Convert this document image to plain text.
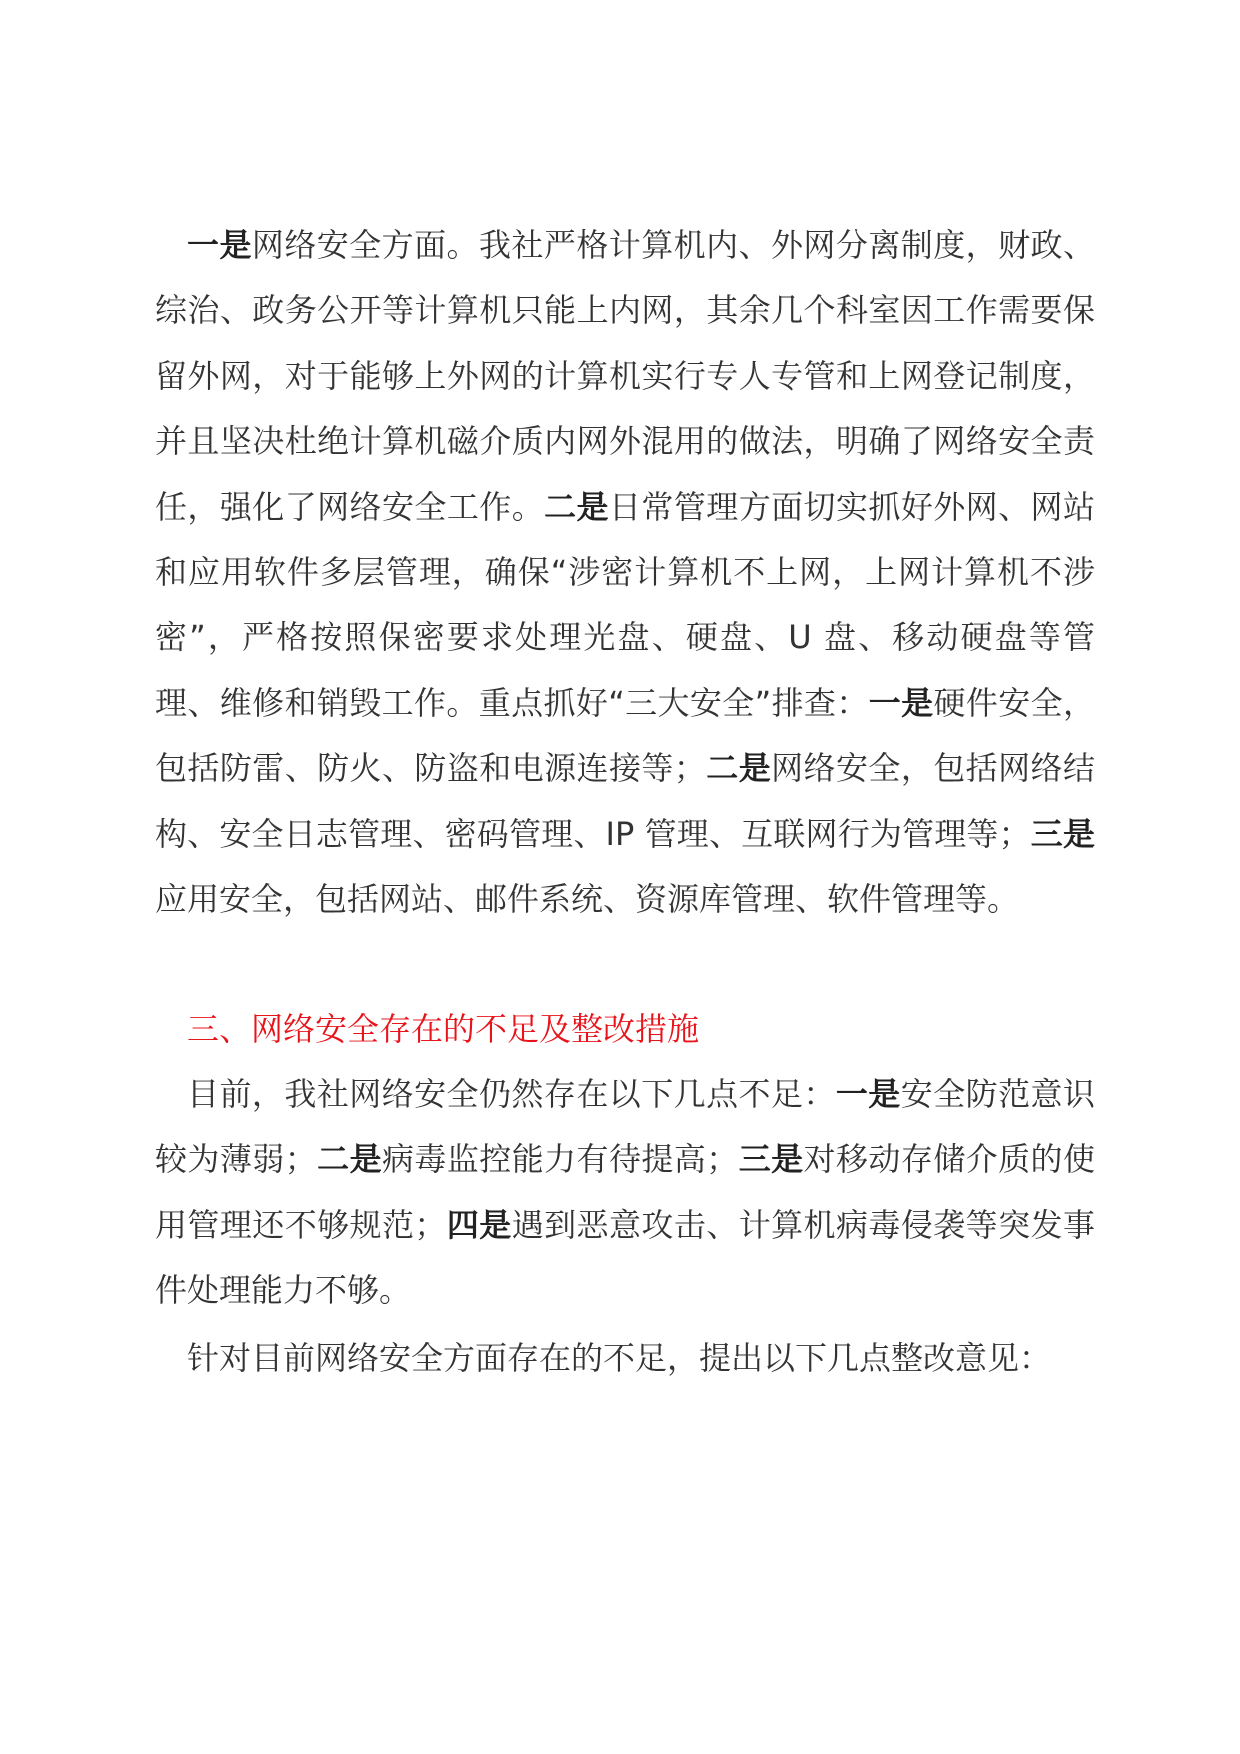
一是网络安全方面。我社严格计算机内、外网分离制度，财政、综治、政务公开等计算机只能上内网，其余几个科室因工作需要保留外网，对于能够上外网的计算机实行专人专管和上网登记制度，并且坚决杜绝计算机磁介质内网外混用的做法，明确了网络安全责任，强化了网络安全工作。二是日常管理方面切实抓好外网、网站和应用软件多层管理，确保“涉密计算机不上网，上网计算机不涉密”，严格按照保密要求处理光盘、硬盘、U 盘、移动硬盘等管理、维修和销毁工作。重点抓好“三大安全”排查：一是硬件安全，包括防雷、防火、防盗和电源连接等；二是网络安全，包括网络结构、安全日志管理、密码管理、IP 管理、互联网行为管理等；三是应用安全，包括网站、邮件系统、资源库管理、软件管理等。

三、网络安全存在的不足及整改措施

目前，我社网络安全仍然存在以下几点不足：一是安全防范意识较为薄弱；二是病毒监控能力有待提高；三是对移动存储介质的使用管理还不够规范；四是遇到恶意攻击、计算机病毒侵袭等突发事件处理能力不够。

针对目前网络安全方面存在的不足，提出以下几点整改意见：
